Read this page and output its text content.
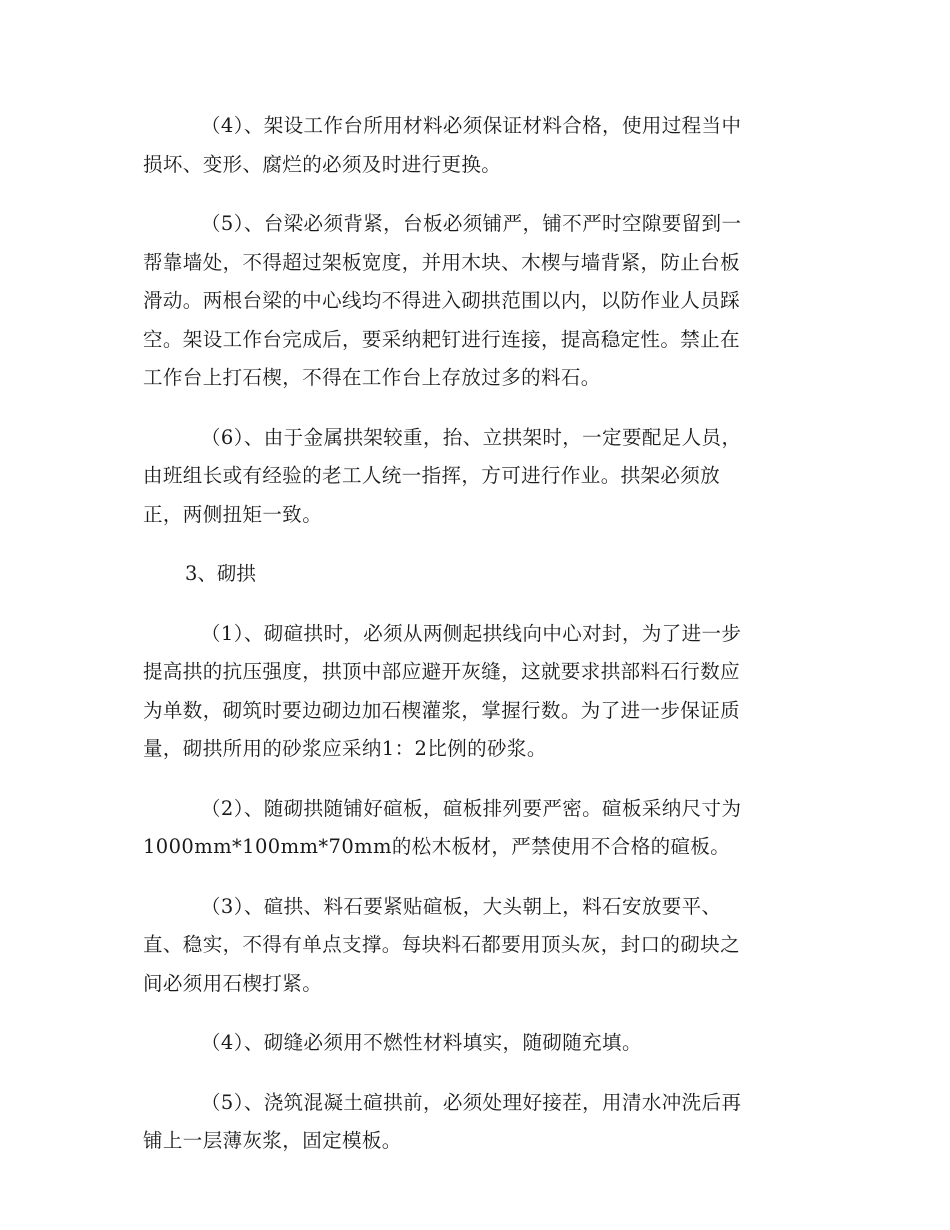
（4）、架设工作台所用材料必须保证材料合格，使用过程当中
损坏、变形、腐烂的必须及时进行更换。
（5）、台梁必须背紧，台板必须铺严，铺不严时空隙要留到一
帮靠墙处，不得超过架板宽度，并用木块、木楔与墙背紧，防止台板
滑动。两根台梁的中心线均不得进入砌拱范围以内，以防作业人员踩
空。架设工作台完成后，要采纳耙钉进行连接，提高稳定性。禁止在
工作台上打石楔，不得在工作台上存放过多的料石。
（6）、由于金属拱架较重，抬、立拱架时，一定要配足人员，
由班组长或有经验的老工人统一指挥，方可进行作业。拱架必须放
正，两侧扭矩一致。
3、砌拱
（1）、砌碹拱时，必须从两侧起拱线向中心对封，为了进一步
提高拱的抗压强度，拱顶中部应避开灰缝，这就要求拱部料石行数应
为单数，砌筑时要边砌边加石楔灌浆，掌握行数。为了进一步保证质
量，砌拱所用的砂浆应采纳1：2比例的砂浆。
（2）、随砌拱随铺好碹板，碹板排列要严密。碹板采纳尺寸为
1000mm*100mm*70mm的松木板材，严禁使用不合格的碹板。
（3）、碹拱、料石要紧贴碹板，大头朝上，料石安放要平、
直、稳实，不得有单点支撑。每块料石都要用顶头灰，封口的砌块之
间必须用石楔打紧。
（4）、砌缝必须用不燃性材料填实，随砌随充填。
（5）、浇筑混凝土碹拱前，必须处理好接茬，用清水冲洗后再
铺上一层薄灰浆，固定模板。
